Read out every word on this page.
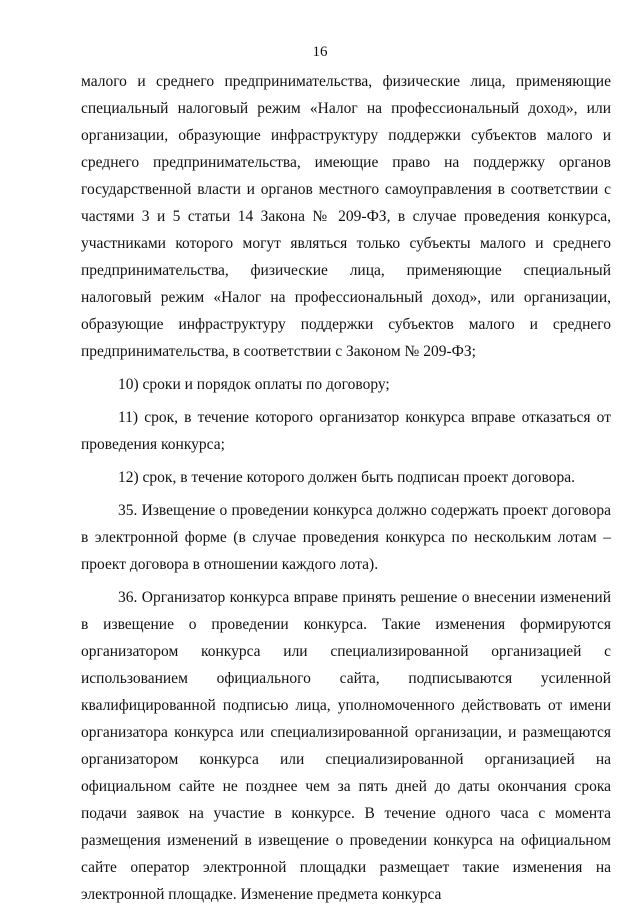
16

малого и среднего предпринимательства, физические лица, применяющие специальный налоговый режим «Налог на профессиональный доход», или организации, образующие инфраструктуру поддержки субъектов малого и среднего предпринимательства, имеющие право на поддержку органов государственной власти и органов местного самоуправления в соответствии с частями 3 и 5 статьи 14 Закона № 209-ФЗ, в случае проведения конкурса, участниками которого могут являться только субъекты малого и среднего предпринимательства, физические лица, применяющие специальный налоговый режим «Налог на профессиональный доход», или организации, образующие инфраструктуру поддержки субъектов малого и среднего предпринимательства, в соответствии с Законом № 209-ФЗ;

10) сроки и порядок оплаты по договору;

11) срок, в течение которого организатор конкурса вправе отказаться от проведения конкурса;

12) срок, в течение которого должен быть подписан проект договора.

35. Извещение о проведении конкурса должно содержать проект договора в электронной форме (в случае проведения конкурса по нескольким лотам – проект договора в отношении каждого лота).

36. Организатор конкурса вправе принять решение о внесении изменений в извещение о проведении конкурса. Такие изменения формируются организатором конкурса или специализированной организацией с использованием официального сайта, подписываются усиленной квалифицированной подписью лица, уполномоченного действовать от имени организатора конкурса или специализированной организации, и размещаются организатором конкурса или специализированной организацией на официальном сайте не позднее чем за пять дней до даты окончания срока подачи заявок на участие в конкурсе. В течение одного часа с момента размещения изменений в извещение о проведении конкурса на официальном сайте оператор электронной площадки размещает такие изменения на электронной площадке. Изменение предмета конкурса
